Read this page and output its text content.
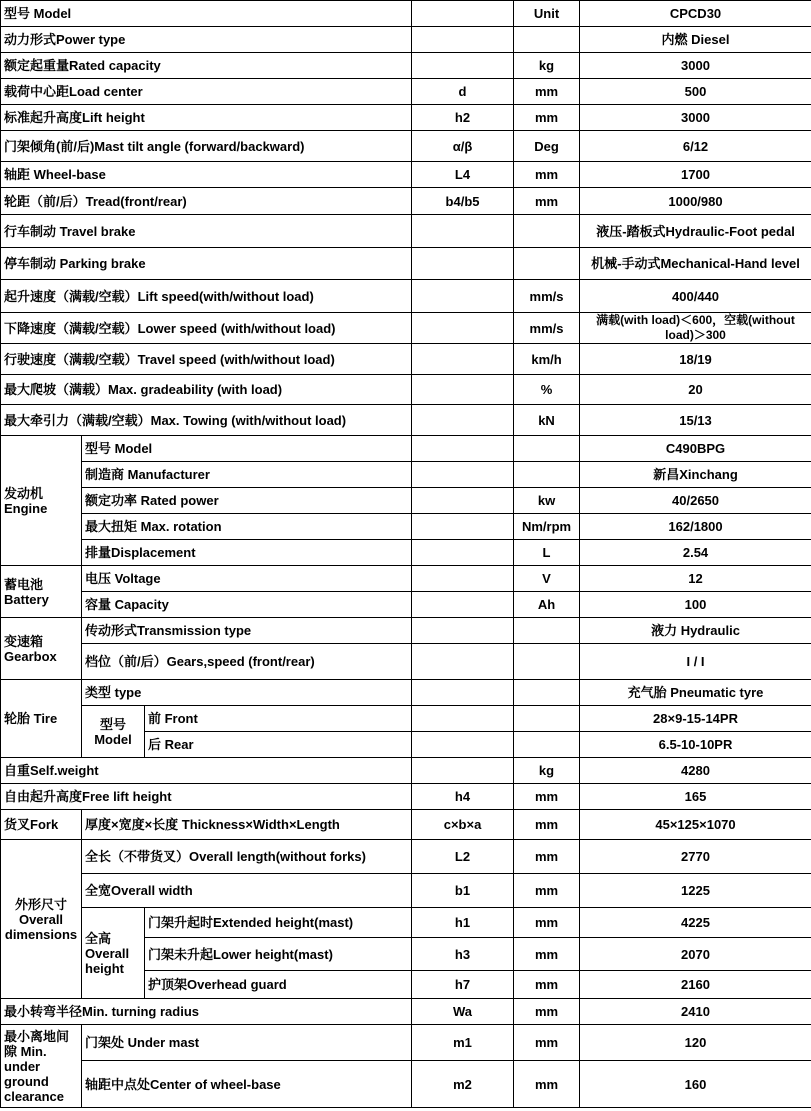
型号 Model				Unit	CPCD30
动力形式Power type					内燃 Diesel
额定起重量Rated capacity				kg	3000
载荷中心距Load center			d	mm	500
标准起升高度Lift height			h2	mm	3000
门架倾角(前/后)Mast tilt angle (forward/backward)			α/β	Deg	6/12
轴距 Wheel-base			L4	mm	1700
轮距（前/后）Tread(front/rear)			b4/b5	mm	1000/980
行车制动 Travel brake					液压-踏板式Hydraulic-Foot pedal
停车制动 Parking brake					机械-手动式Mechanical-Hand level
起升速度（满载/空载）Lift speed(with/without load)				mm/s	400/440
下降速度（满载/空载）Lower speed (with/without load)				mm/s	满载(with load)＜600，空载(without load)＞300
行驶速度（满载/空载）Travel speed (with/without load)				km/h	18/19
最大爬坡（满载）Max. gradeability (with load)				%	20
最大牵引力（满载/空载）Max. Towing (with/without load)				kN	15/13
发动机 Engine	型号 Model				C490BPG
	制造商 Manufacturer				新昌Xinchang
	额定功率 Rated power			kw	40/2650
	最大扭矩 Max. rotation			Nm/rpm	162/1800
	排量Displacement			L	2.54
蓄电池 Battery	电压 Voltage			V	12
	容量 Capacity			Ah	100
变速箱 Gearbox	传动形式Transmission type				液力 Hydraulic
	档位（前/后）Gears,speed (front/rear)				I / I
轮胎 Tire	类型 type				充气胎 Pneumatic tyre
	型号 Model	前 Front			28×9-15-14PR
		后 Rear			6.5-10-10PR
自重Self.weight				kg	4280
自由起升高度Free lift height			h4	mm	165
货叉Fork	厚度×宽度×长度 Thickness×Width×Length		c×b×a	mm	45×125×1070
外形尺寸 Overall dimensions	全长（不带货叉）Overall length(without forks)		L2	mm	2770
	全宽Overall width		b1	mm	1225
	全高 Overall height	门架升起时Extended height(mast)	h1	mm	4225
		门架未升起Lower height(mast)	h3	mm	2070
		护顶架Overhead guard	h7	mm	2160
最小转弯半径Min. turning radius			Wa	mm	2410
最小离地间隙 Min. under ground clearance	门架处 Under mast		m1	mm	120
	轴距中点处Center of wheel-base		m2	mm	160
